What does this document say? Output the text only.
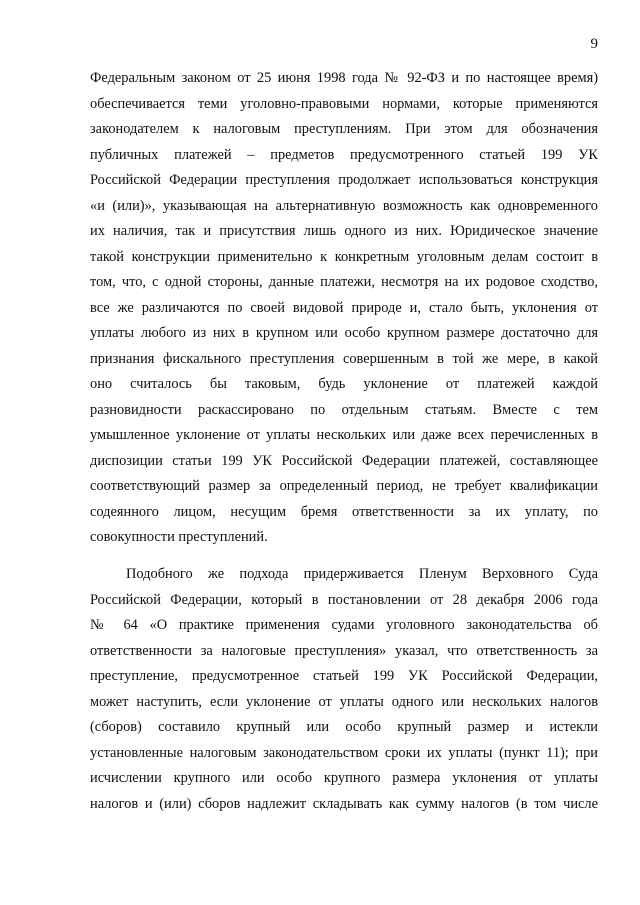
9
Федеральным законом от 25 июня 1998 года № 92-ФЗ и по настоящее время)
обеспечивается теми уголовно-правовыми нормами, которые применяются
законодателем к налоговым преступлениям. При этом для обозначения
публичных платежей – предметов предусмотренного статьей 199 УК
Российской Федерации преступления продолжает использоваться конструкция
«и (или)», указывающая на альтернативную возможность как одновременного
их наличия, так и присутствия лишь одного из них. Юридическое значение
такой конструкции применительно к конкретным уголовным делам состоит в
том, что, с одной стороны, данные платежи, несмотря на их родовое сходство,
все же различаются по своей видовой природе и, стало быть, уклонения от
уплаты любого из них в крупном или особо крупном размере достаточно для
признания фискального преступления совершенным в той же мере, в какой
оно считалось бы таковым, будь уклонение от платежей каждой
разновидности раскассировано по отдельным статьям. Вместе с тем
умышленное уклонение от уплаты нескольких или даже всех перечисленных в
диспозиции статьи 199 УК Российской Федерации платежей, составляющее
соответствующий размер за определенный период, не требует квалификации
содеянного лицом, несущим бремя ответственности за их уплату, по
совокупности преступлений.
Подобного же подхода придерживается Пленум Верховного Суда
Российской Федерации, который в постановлении от 28 декабря 2006 года
№ 64 «О практике применения судами уголовного законодательства об
ответственности за налоговые преступления» указал, что ответственность за
преступление, предусмотренное статьей 199 УК Российской Федерации,
может наступить, если уклонение от уплаты одного или нескольких налогов
(сборов) составило крупный или особо крупный размер и истекли
установленные налоговым законодательством сроки их уплаты (пункт 11); при
исчислении крупного или особо крупного размера уклонения от уплаты
налогов и (или) сборов надлежит складывать как сумму налогов (в том числе
